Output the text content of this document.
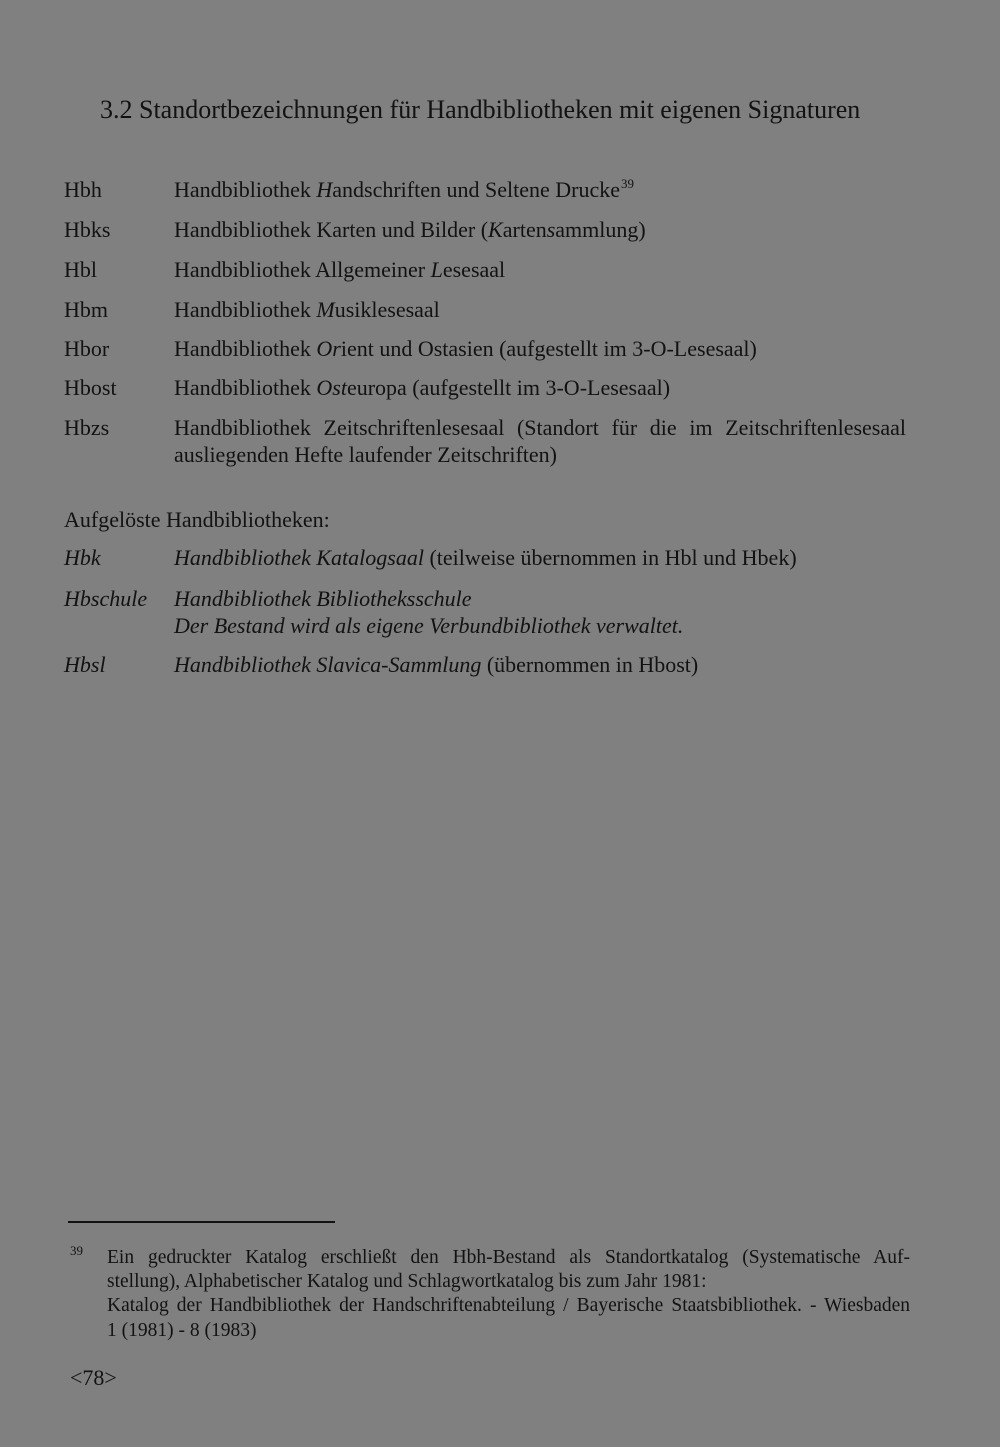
3.2 Standortbezeichnungen für Handbibliotheken mit eigenen Signaturen
Hbh	Handbibliothek Handschriften und Seltene Drucke$^{39}$
Hbks	Handbibliothek Karten und Bilder (Kartensammlung)
Hbl	Handbibliothek Allgemeiner Lesesaal
Hbm	Handbibliothek Musiklesesaal
Hbor	Handbibliothek Orient und Ostasien (aufgestellt im 3-O-Lesesaal)
Hbost	Handbibliothek Osteuropa (aufgestellt im 3-O-Lesesaal)
Hbzs	Handbibliothek Zeitschriftenlesesaal (Standort für die im Zeitschriftenlesesaal
ausliegenden Hefte laufender Zeitschriften)
Aufgelöste Handbibliotheken:
Hbk	Handbibliothek Katalogsaal (teilweise übernommen in Hbl und Hbek)
Hbschule Handbibliothek Bibliotheksschule
Der Bestand wird als eigene Verbundbibliothek verwaltet.
Hbsl	Handbibliothek Slavica-Sammlung (übernommen in Hbost)
39 Ein gedruckter Katalog erschließt den Hbh-Bestand als Standortkatalog (Systematische Auf-
stellung), Alphabetischer Katalog und Schlagwortkatalog bis zum Jahr 1981:
Katalog der Handbibliothek der Handschriftenabteilung / Bayerische Staatsbibliothek. - Wiesbaden
1 (1981) - 8 (1983)
<78>
